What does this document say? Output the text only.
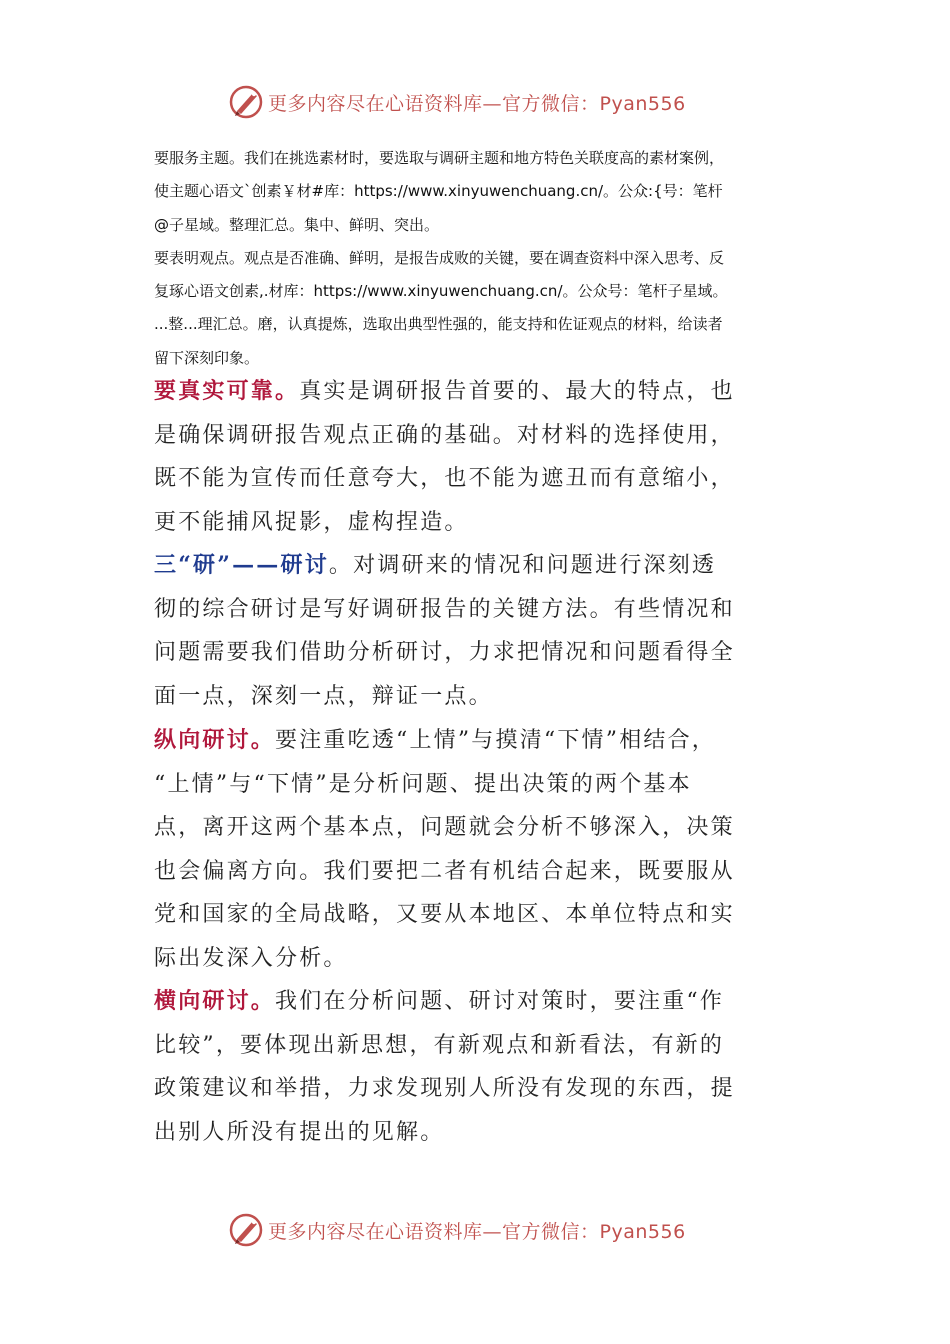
更多内容尽在心语资料库—官方微信：Pyan556

要服务主题。我们在挑选素材时，要选取与调研主题和地方特色关联度高的素材案例，

使主题心语文`创素￥材#库：https://www.xinyuwenchuang.cn/。公众:{号：笔杆

@子星域。整理汇总。集中、鲜明、突出。

要表明观点。观点是否准确、鲜明，是报告成败的关键，要在调查资料中深入思考、反

复琢心语文创素,.材库：https://www.xinyuwenchuang.cn/。公众号：笔杆子星域。

...整...理汇总。磨，认真提炼，选取出典型性强的，能支持和佐证观点的材料，给读者

留下深刻印象。

要真实可靠。真实是调研报告首要的、最大的特点，也
是确保调研报告观点正确的基础。对材料的选择使用，
既不能为宣传而任意夸大，也不能为遮丑而有意缩小，
更不能捕风捉影，虚构捏造。
三“研”——研讨。对调研来的情况和问题进行深刻透
彻的综合研讨是写好调研报告的关键方法。有些情况和
问题需要我们借助分析研讨，力求把情况和问题看得全
面一点，深刻一点，辩证一点。
纵向研讨。要注重吃透“上情”与摸清“下情”相结合，
“上情”与“下情”是分析问题、提出决策的两个基本
点，离开这两个基本点，问题就会分析不够深入，决策
也会偏离方向。我们要把二者有机结合起来，既要服从
党和国家的全局战略，又要从本地区、本单位特点和实
际出发深入分析。
横向研讨。我们在分析问题、研讨对策时，要注重“作
比较”，要体现出新思想，有新观点和新看法，有新的
政策建议和举措，力求发现别人所没有发现的东西，提
出别人所没有提出的见解。
更多内容尽在心语资料库—官方微信：Pyan556
